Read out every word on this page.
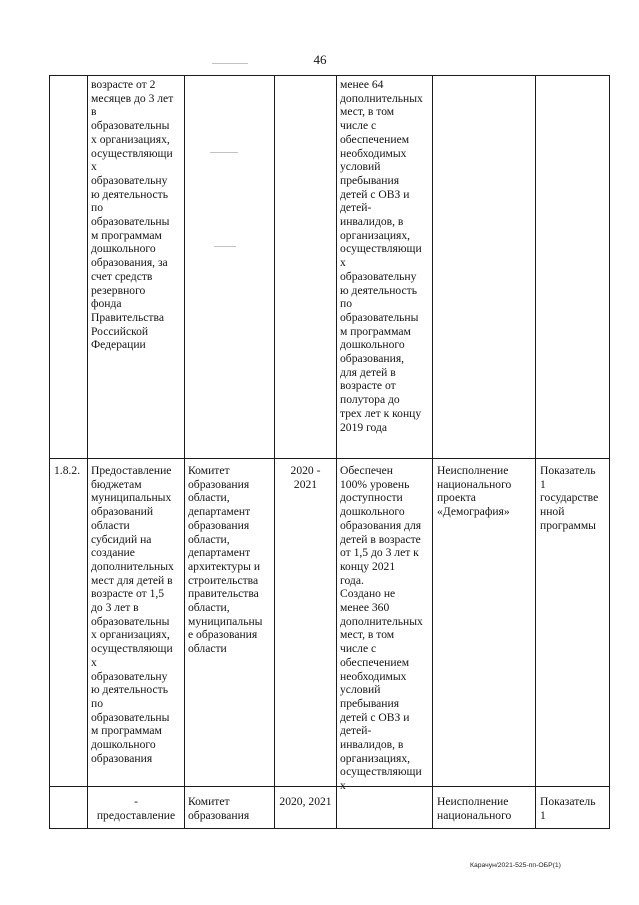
46
возрасте от 2
месяцев до 3 лет
в
образовательны
х организациях,
осуществляющи
х
образовательну
ю деятельность
по
образовательны
м программам
дошкольного
образования, за
счет средств
резервного
фонда
Правительства
Российской
Федерации
менее 64
дополнительных
мест, в том
числе с
обеспечением
необходимых
условий
пребывания
детей с ОВЗ и
детей-
инвалидов, в
организациях,
осуществляющи
х
образовательну
ю деятельность
по
образовательны
м программам
дошкольного
образования,
для детей в
возрасте от
полутора до
трех лет к концу
2019 года
1.8.2. Предоставление
бюджетам
муниципальных
образований
области
субсидий на
создание
дополнительных
мест для детей в
возрасте от 1,5
до 3 лет в
образовательны
х организациях,
осуществляющи
х
образовательну
ю деятельность
по
образовательны
м программам
дошкольного
образования
Комитет
образования
области,
департамент
образования
области,
департамент
архитектуры и
строительства
правительства
области,
муниципальны
е образования
области
2020 -
2021
Обеспечен
100% уровень
доступности
дошкольного
образования для
детей в возрасте
от 1,5 до 3 лет к
концу 2021
года.
Создано не
менее 360
дополнительных
мест, в том
числе с
обеспечением
необходимых
условий
пребывания
детей с ОВЗ и
детей-
инвалидов, в
организациях,
осуществляющи
х
Неисполнение
национального
проекта
«Демография»
Показатель
1
государстве
нной
программы
-
предоставление
Комитет
образования
2020, 2021	Неисполнение
национального
Показатель
1
Карачун/2021-525-пп-ОБР(1)
